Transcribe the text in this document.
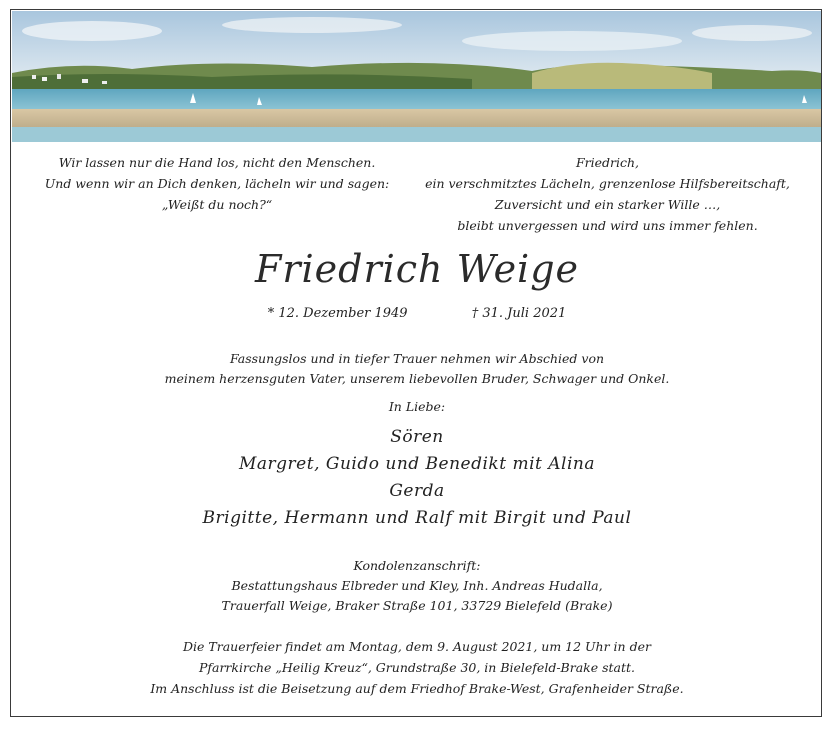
Wir lassen nur die Hand los, nicht den Menschen.
Und wenn wir an Dich denken, lächeln wir und sagen:
„Weißt du noch?“
Friedrich,
ein verschmitztes Lächeln, grenzenlose Hilfsbereitschaft,
Zuversicht und ein starker Wille …,
bleibt unvergessen und wird uns immer fehlen.
Friedrich Weige
* 12. Dezember 1949	† 31. Juli 2021
Fassungslos und in tiefer Trauer nehmen wir Abschied von
meinem herzensguten Vater, unserem liebevollen Bruder, Schwager und Onkel.
In Liebe:
Sören
Margret, Guido und Benedikt mit Alina
Gerda
Brigitte, Hermann und Ralf mit Birgit und Paul
Kondolenzanschrift:
Bestattungshaus Elbreder und Kley, Inh. Andreas Hudalla,
Trauerfall Weige, Braker Straße 101, 33729 Bielefeld (Brake)
Die Trauerfeier findet am Montag, dem 9. August 2021, um 12 Uhr in der
Pfarrkirche „Heilig Kreuz“, Grundstraße 30, in Bielefeld-Brake statt.
Im Anschluss ist die Beisetzung auf dem Friedhof Brake-West, Grafenheider Straße.
